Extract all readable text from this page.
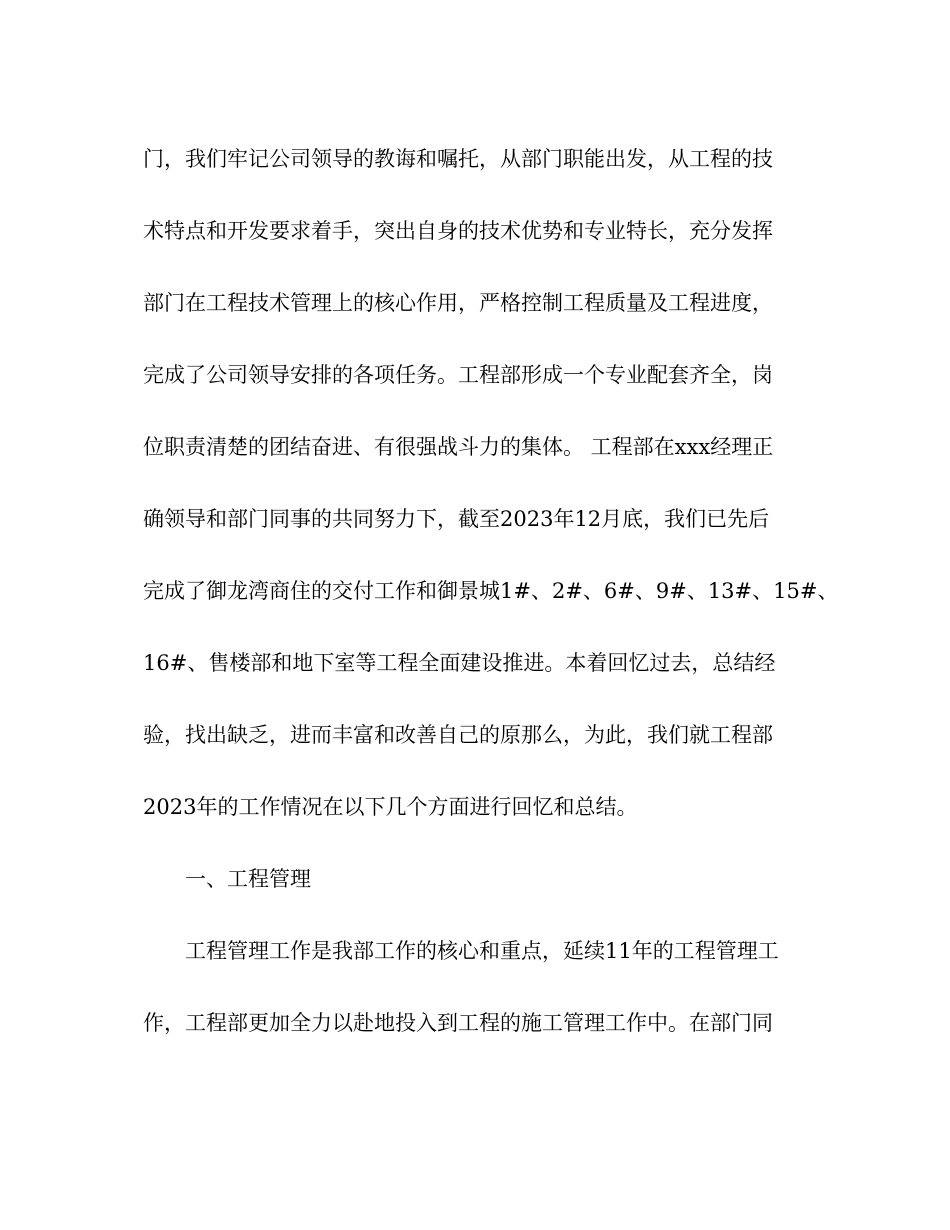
门，我们牢记公司领导的教诲和嘱托，从部门职能出发，从工程的技
术特点和开发要求着手，突出自身的技术优势和专业特长，充分发挥
部门在工程技术管理上的核心作用，严格控制工程质量及工程进度，
完成了公司领导安排的各项任务。工程部形成一个专业配套齐全，岗
位职责清楚的团结奋进、有很强战斗力的集体。 工程部在xxx经理正
确领导和部门同事的共同努力下，截至2023年12月底，我们已先后
完成了御龙湾商住的交付工作和御景城1#、2#、6#、9#、13#、15#、
16#、售楼部和地下室等工程全面建设推进。本着回忆过去，总结经
验，找出缺乏，进而丰富和改善自己的原那么，为此，我们就工程部
2023年的工作情况在以下几个方面进行回忆和总结。
一、工程管理
工程管理工作是我部工作的核心和重点，延续11年的工程管理工
作，工程部更加全力以赴地投入到工程的施工管理工作中。在部门同
